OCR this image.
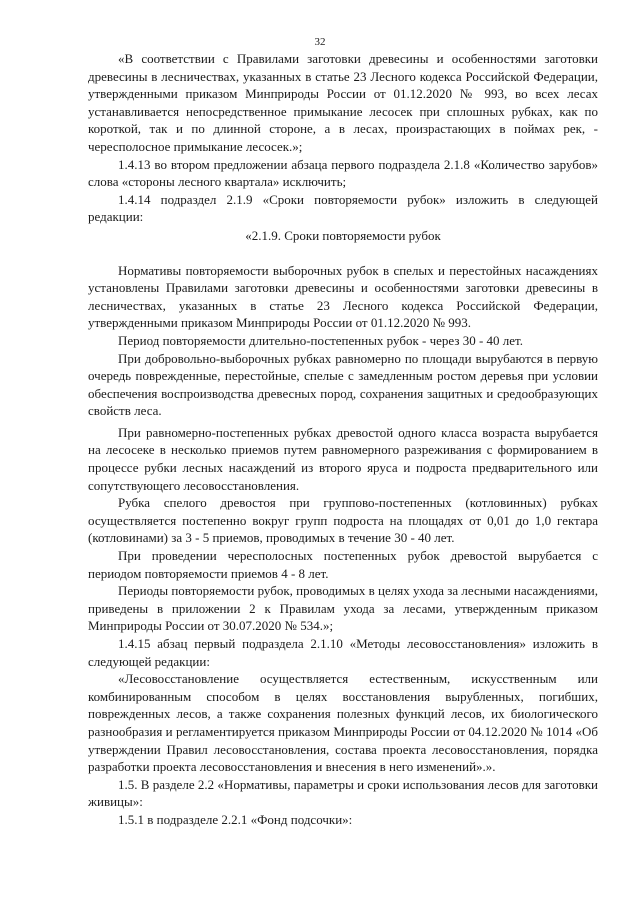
32

«В соответствии с Правилами заготовки древесины и особенностями заготовки древесины в лесничествах, указанных в статье 23 Лесного кодекса Российской Федерации, утвержденными приказом Минприроды России от 01.12.2020 № 993, во всех лесах устанавливается непосредственное примыкание лесосек при сплошных рубках, как по короткой, так и по длинной стороне, а в лесах, произрастающих в поймах рек, - чересполосное примыкание лесосек.»;

1.4.13 во втором предложении абзаца первого подраздела 2.1.8 «Количество зарубов» слова «стороны лесного квартала» исключить;

1.4.14 подраздел 2.1.9 «Сроки повторяемости рубок» изложить в следующей редакции:

«2.1.9. Сроки повторяемости рубок

Нормативы повторяемости выборочных рубок в спелых и перестойных насаждениях установлены Правилами заготовки древесины и особенностями заготовки древесины в лесничествах, указанных в статье 23 Лесного кодекса Российской Федерации, утвержденными приказом Минприроды России от 01.12.2020 № 993.

Период повторяемости длительно-постепенных рубок - через 30 - 40 лет.

При добровольно-выборочных рубках равномерно по площади вырубаются в первую очередь поврежденные, перестойные, спелые с замедленным ростом деревья при условии обеспечения воспроизводства древесных пород, сохранения защитных и средообразующих свойств леса.

При равномерно-постепенных рубках древостой одного класса возраста вырубается на лесосеке в несколько приемов путем равномерного разреживания с формированием в процессе рубки лесных насаждений из второго яруса и подроста предварительного или сопутствующего лесовосстановления.

Рубка спелого древостоя при группово-постепенных (котловинных) рубках осуществляется постепенно вокруг групп подроста на площадях от 0,01 до 1,0 гектара (котловинами) за 3 - 5 приемов, проводимых в течение 30 - 40 лет.

При проведении чересполосных постепенных рубок древостой вырубается с периодом повторяемости приемов 4 - 8 лет.

Периоды повторяемости рубок, проводимых в целях ухода за лесными насаждениями, приведены в приложении 2 к Правилам ухода за лесами, утвержденным приказом Минприроды России от 30.07.2020 № 534.»;

1.4.15 абзац первый подраздела 2.1.10 «Методы лесовосстановления» изложить в следующей редакции:

«Лесовосстановление осуществляется естественным, искусственным или комбинированным способом в целях восстановления вырубленных, погибших, поврежденных лесов, а также сохранения полезных функций лесов, их биологического разнообразия и регламентируется приказом Минприроды России от 04.12.2020 № 1014 «Об утверждении Правил лесовосстановления, состава проекта лесовосстановления, порядка разработки проекта лесовосстановления и внесения в него изменений».».

1.5. В разделе 2.2 «Нормативы, параметры и сроки использования лесов для заготовки живицы»:

1.5.1 в подразделе 2.2.1 «Фонд подсочки»:
